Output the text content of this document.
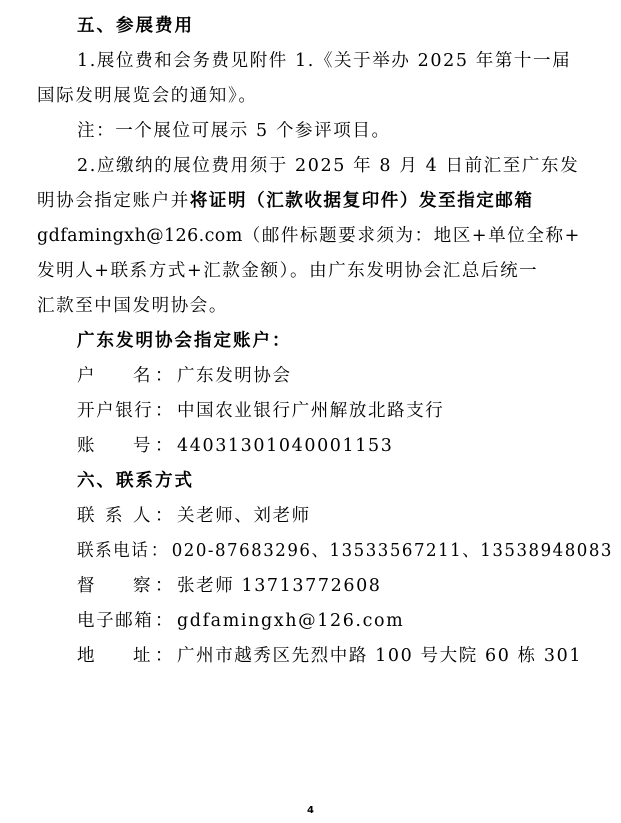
五、参展费用
1.展位费和会务费见附件 1.《关于举办 2025 年第十一届
国际发明展览会的通知》。
注：一个展位可展示 5 个参评项目。
2.应缴纳的展位费用须于 2025 年 8 月 4 日前汇至广东发
明协会指定账户并将证明（汇款收据复印件）发至指定邮箱
gdfamingxh@126.com（邮件标题要求须为：地区+单位全称+
发明人+联系方式+汇款金额）。由广东发明协会汇总后统一
汇款至中国发明协会。
广东发明协会指定账户：
户 名 ： 广东发明协会
开户银行 ： 中国农业银行广州解放北路支行
账 号 ： 44031301040001153
六、联系方式
联 系 人 ： 关老师、刘老师
联系电话 ： 020-87683296、13533567211、13538948083
督 察 ： 张老师 13713772608
电子邮箱 ： gdfamingxh@126.com
地 址 ： 广州市越秀区先烈中路 100 号大院 60 栋 301
4
